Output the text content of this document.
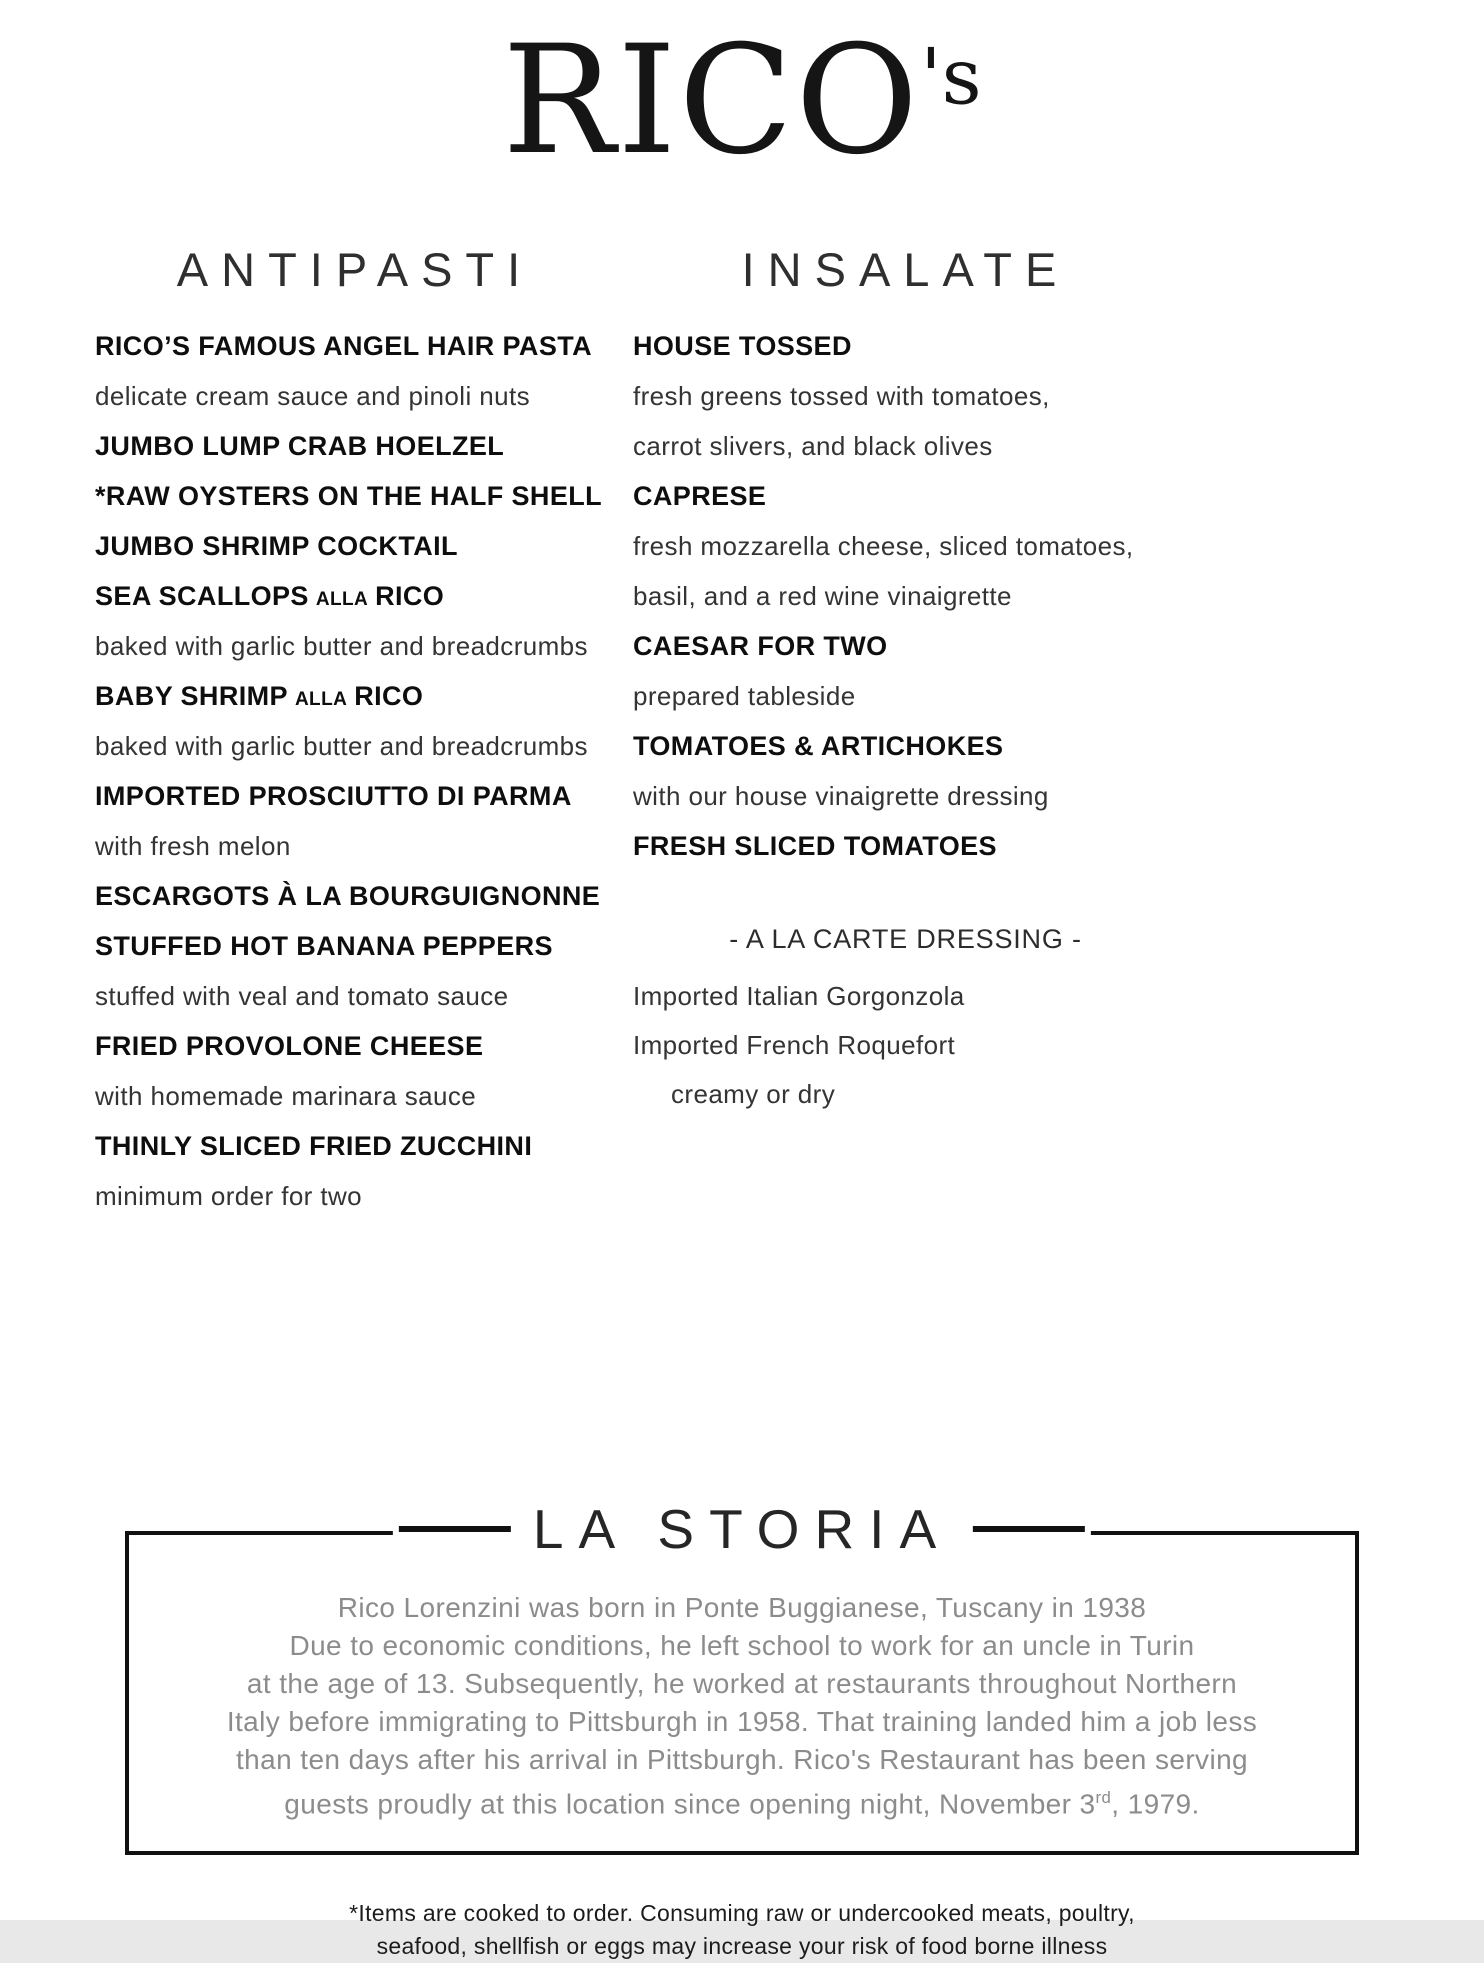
RICO's
ANTIPASTI
RICO’S FAMOUS ANGEL HAIR PASTA
delicate cream sauce and pinoli nuts
JUMBO LUMP CRAB HOELZEL
*RAW OYSTERS ON THE HALF SHELL
JUMBO SHRIMP COCKTAIL
SEA SCALLOPS ALLA RICO
baked with garlic butter and breadcrumbs
BABY SHRIMP ALLA RICO
baked with garlic butter and breadcrumbs
IMPORTED PROSCIUTTO DI PARMA
with fresh melon
ESCARGOTS À LA BOURGUIGNONNE
STUFFED HOT BANANA PEPPERS
stuffed with veal and tomato sauce
FRIED PROVOLONE CHEESE
with homemade marinara sauce
THINLY SLICED FRIED ZUCCHINI
minimum order for two
INSALATE
HOUSE TOSSED
fresh greens tossed with tomatoes,
carrot slivers, and black olives
CAPRESE
fresh mozzarella cheese, sliced tomatoes,
basil, and a red wine vinaigrette
CAESAR FOR TWO
prepared tableside
TOMATOES & ARTICHOKES
with our house vinaigrette dressing
FRESH SLICED TOMATOES
- A LA CARTE DRESSING -
Imported Italian Gorgonzola
Imported French Roquefort
creamy or dry
LA STORIA
Rico Lorenzini was born in Ponte Buggianese, Tuscany in 1938
Due to economic conditions, he left school to work for an uncle in Turin
at the age of 13. Subsequently, he worked at restaurants throughout Northern
Italy before immigrating to Pittsburgh in 1958. That training landed him a job less
than ten days after his arrival in Pittsburgh. Rico's Restaurant has been serving
guests proudly at this location since opening night, November 3rd, 1979.
*Items are cooked to order. Consuming raw or undercooked meats, poultry,
seafood, shellfish or eggs may increase your risk of food borne illness
